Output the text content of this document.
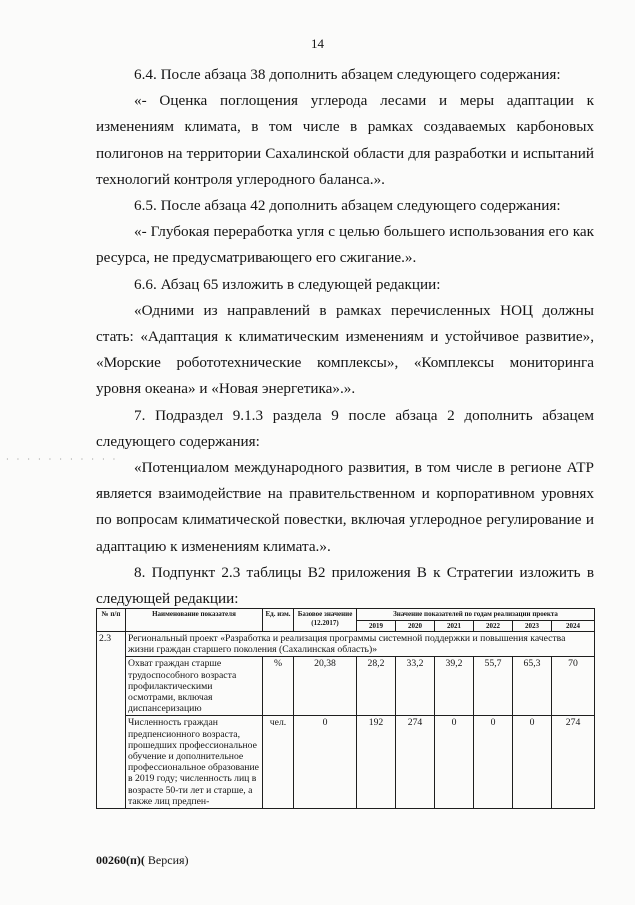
14
· · · · · · · · · · ·

6.4. После абзаца 38 дополнить абзацем следующего содержания:

«- Оценка поглощения углерода лесами и меры адаптации к изменениям климата, в том числе в рамках создаваемых карбоновых полигонов на территории Сахалинской области для разработки и испытаний технологий контроля углеродного баланса.».

6.5. После абзаца 42 дополнить абзацем следующего содержания:

«- Глубокая переработка угля с целью большего использования его как ресурса, не предусматривающего его сжигание.».

6.6. Абзац 65 изложить в следующей редакции:

«Одними из направлений в рамках перечисленных НОЦ должны стать: «Адаптация к климатическим изменениям и устойчивое развитие», «Морские робототехнические комплексы», «Комплексы мониторинга уровня океана» и «Новая энергетика».».

7. Подраздел 9.1.3 раздела 9 после абзаца 2 дополнить абзацем следующего содержания:

«Потенциалом международного развития, в том числе в регионе АТР является взаимодействие на правительственном и корпоративном уровнях по вопросам климатической повестки, включая углеродное регулирование и адаптацию к изменениям климата.».

8. Подпункт 2.3 таблицы В2 приложения В к Стратегии изложить в следующей редакции:

№ п/п	Наименование показателя	Ед. изм.	Базовое значение (12.2017)	Значение показателей по годам реализации проекта					
				2019	2020	2021	2022	2023	2024
2.3	Региональный проект «Разработка и реализация программы системной поддержки и повышения качества жизни граждан старшего поколения (Сахалинская область)»								
	Охват граждан старше трудоспособного возраста профилактическими осмотрами, включая диспансеризацию	%	20,38	28,2	33,2	39,2	55,7	65,3	70
	Численность граждан предпенсионного возраста, прошедших профессиональное обучение и дополнительное профессиональное образование в 2019 году; численность лиц в возрасте 50-ти лет и старше, а также лиц предпен-	чел.	0	192	274	0	0	0	274
00260(п)( Версия)
